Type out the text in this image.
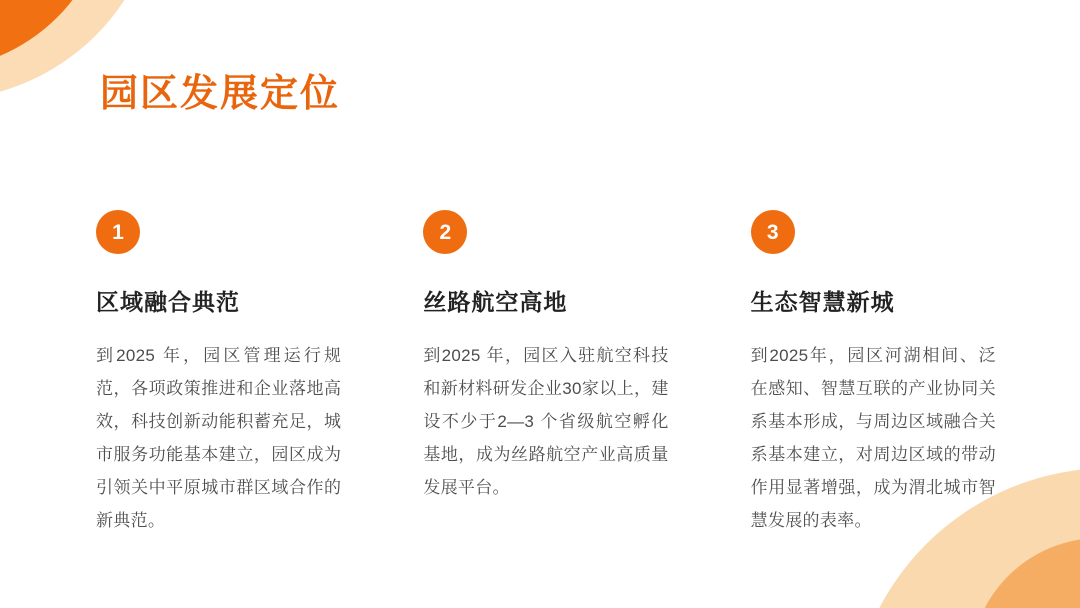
园区发展定位
1
区域融合典范
到2025 年，园区管理运行规范，各项政策推进和企业落地高效，科技创新动能积蓄充足，城市服务功能基本建立，园区成为引领关中平原城市群区域合作的新典范。
2
丝路航空高地
到2025 年，园区入驻航空科技和新材料研发企业30家以上，建设不少于2—3 个省级航空孵化基地，成为丝路航空产业高质量发展平台。
3
生态智慧新城
到2025年，园区河湖相间、泛在感知、智慧互联的产业协同关系基本形成，与周边区域融合关系基本建立，对周边区域的带动作用显著增强，成为渭北城市智慧发展的表率。
